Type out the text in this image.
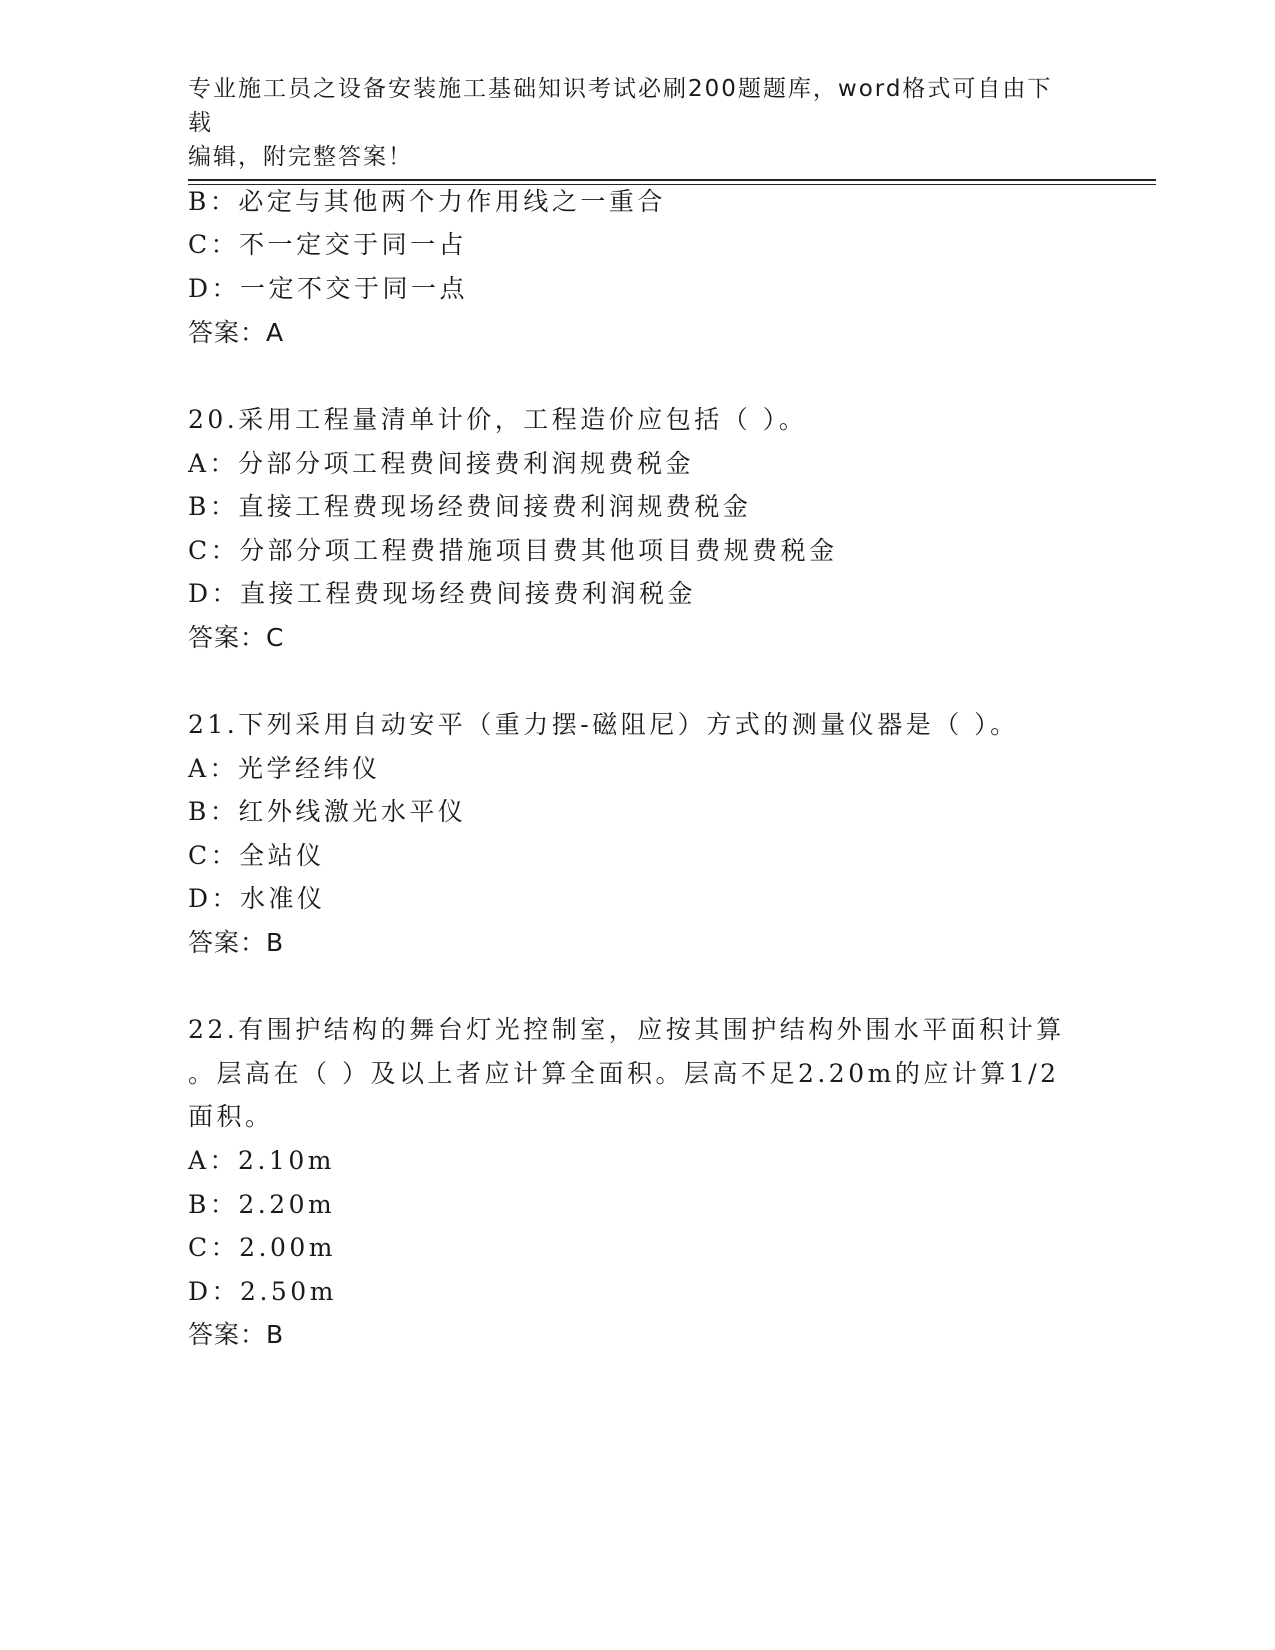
专业施工员之设备安装施工基础知识考试必刷200题题库，word格式可自由下载
编辑，附完整答案！
B：必定与其他两个力作用线之一重合
C：不一定交于同一占
D：一定不交于同一点
答案：A
20.采用工程量清单计价，工程造价应包括（ ）。
A：分部分项工程费间接费利润规费税金
B：直接工程费现场经费间接费利润规费税金
C：分部分项工程费措施项目费其他项目费规费税金
D：直接工程费现场经费间接费利润税金
答案：C
21.下列采用自动安平（重力摆-磁阻尼）方式的测量仪器是（ ）。
A：光学经纬仪
B：红外线激光水平仪
C：全站仪
D：水准仪
答案：B
22.有围护结构的舞台灯光控制室，应按其围护结构外围水平面积计算
。层高在（ ）及以上者应计算全面积。层高不足2.20m的应计算1/2
面积。
A：2.10m
B：2.20m
C：2.00m
D：2.50m
答案：B
